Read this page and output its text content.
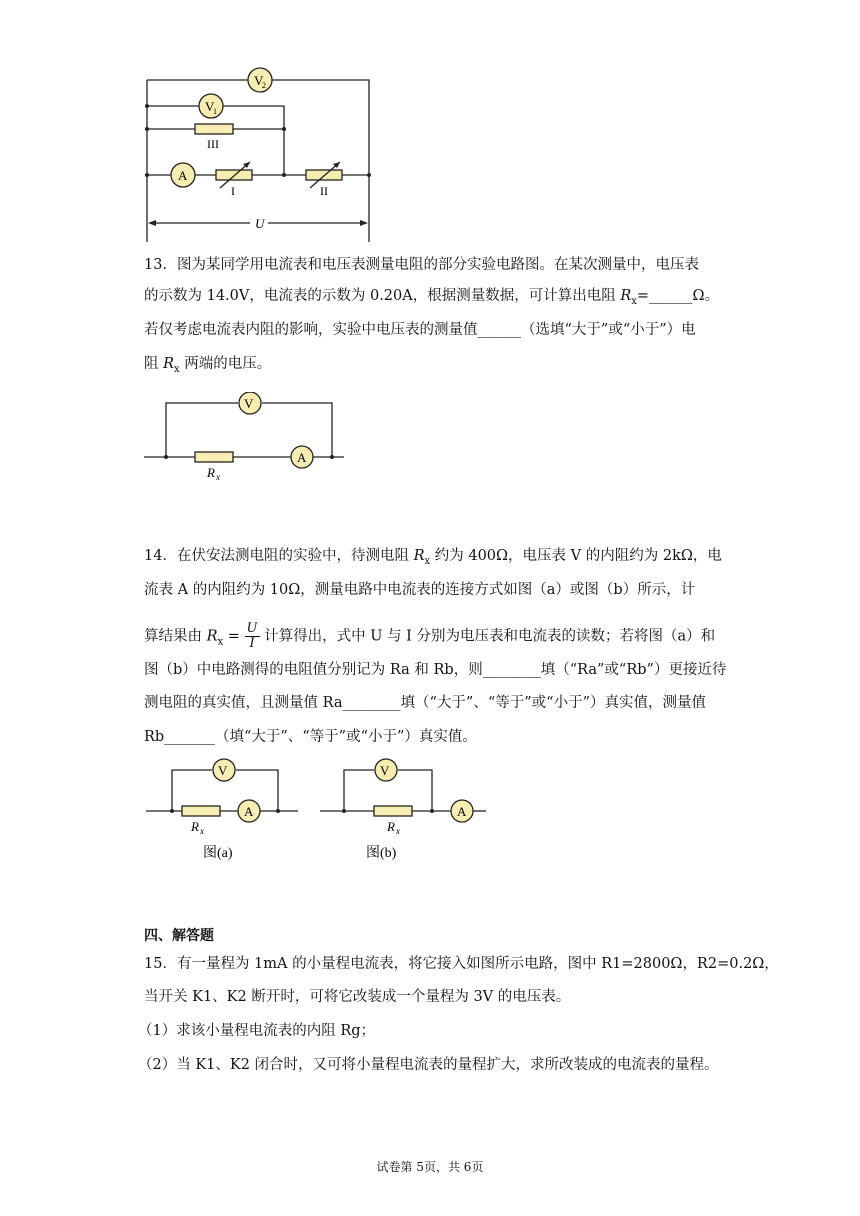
V
2
V
1
III
A
I	II
U
13．图为某同学用电流表和电压表测量电阻的部分实验电路图。在某次测量中，电压表
的示数为 14.0V，电流表的示数为 0.20A，根据测量数据，可计算出电阻 $R_x=\_\_\_\_\_\_\Omega$。
若仅考虑电流表内阻的影响，实验中电压表的测量值______（选填“大于”或“小于”）电
阻 $R_x$ 两端的电压。
V
A
R x
14．在伏安法测电阻的实验中，待测电阻 $R_x$ 约为 400Ω，电压表 V 的内阻约为 2kΩ，电
流表 A 的内阻约为 10Ω，测量电路中电流表的连接方式如图（a）或图（b）所示，计
算结果由 $R_x = \frac{U}{I}$ 计算得出，式中 U 与 I 分别为电压表和电流表的读数；若将图（a）和
图（b）中电路测得的电阻值分别记为 Ra 和 Rb，则________填（“Ra”或“Rb”）更接近待
测电阻的真实值，且测量值 Ra________填（“大于”、“等于”或“小于”）真实值，测量值
Rb_______（填“大于”、“等于”或“小于”）真实值。
V
A
R x
图(a)
V
A
R x
图(b)
四、解答题
15．有一量程为 1mA 的小量程电流表，将它接入如图所示电路，图中 R1=2800Ω，R2=0.2Ω，
当开关 K1、K2 断开时，可将它改装成一个量程为 3V 的电压表。
（1）求该小量程电流表的内阻 Rg；
（2）当 K1、K2 闭合时，又可将小量程电流表的量程扩大，求所改装成的电流表的量程。
试卷第 5页，共 6页
